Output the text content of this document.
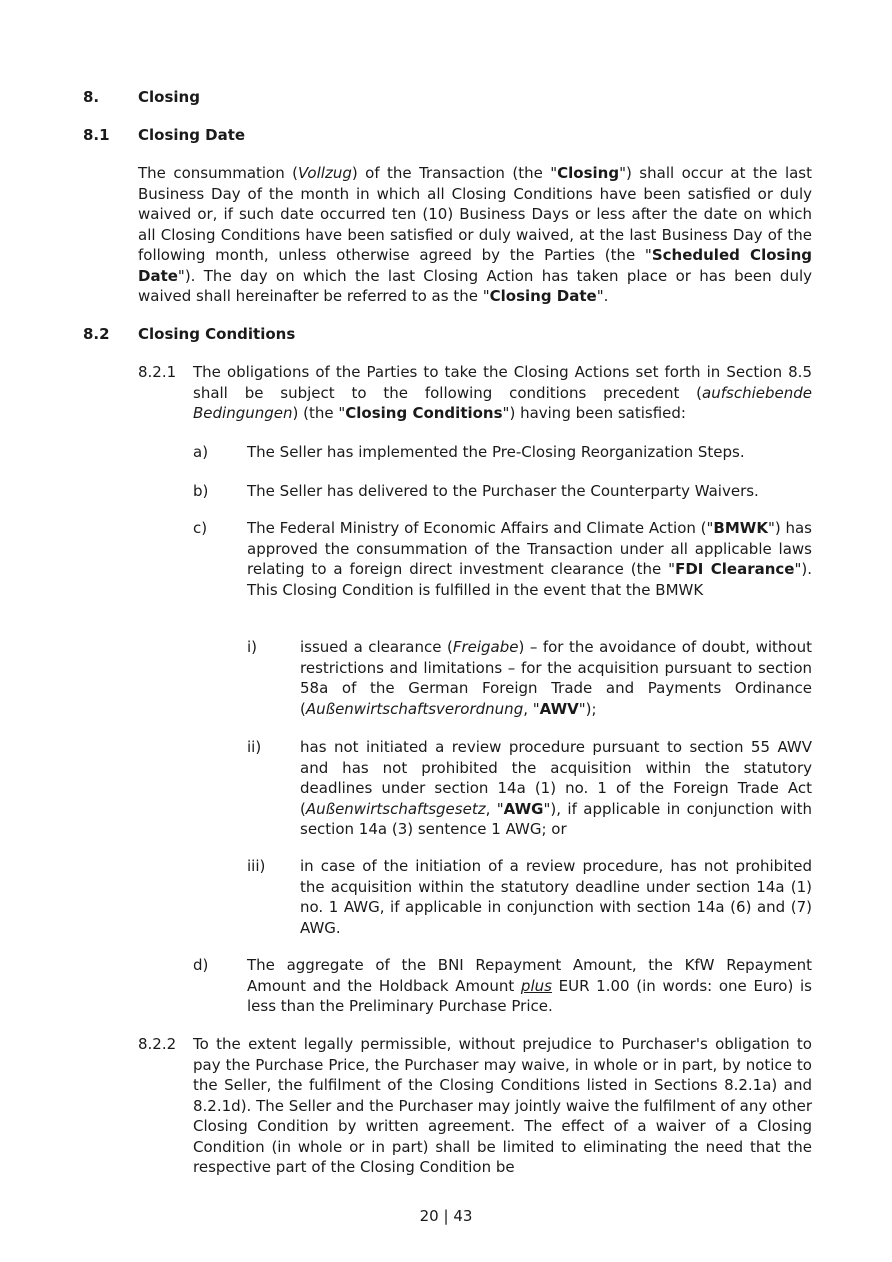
8.	Closing
8.1 Closing Date

The consummation (Vollzug) of the Transaction (the "Closing") shall occur at the last Business Day of the month in which all Closing Conditions have been satisfied or duly waived or, if such date occurred ten (10) Business Days or less after the date on which all Closing Conditions have been satisfied or duly waived, at the last Business Day of the following month, unless otherwise agreed by the Parties (the "Scheduled Closing Date"). The day on which the last Closing Action has taken place or has been duly waived shall hereinafter be referred to as the "Closing Date".

8.2 Closing Conditions
8.2.1 The obligations of the Parties to take the Closing Actions set forth in Section 8.5 shall be subject to the following conditions precedent (aufschiebende Bedingungen) (the "Closing Conditions") having been satisfied:

a)	The Seller has implemented the Pre-Closing Reorganization Steps.

b)	The Seller has delivered to the Purchaser the Counterparty Waivers.

c)	The Federal Ministry of Economic Affairs and Climate Action ("BMWK") has approved the consummation of the Transaction under all applicable laws relating to a foreign direct investment clearance (the "FDI Clearance"). This Closing Condition is fulfilled in the event that the BMWK

i)	issued a clearance (Freigabe) – for the avoidance of doubt, without restrictions and limitations – for the acquisition pursuant to section 58a of the German Foreign Trade and Payments Ordinance (Außenwirtschaftsverordnung, "AWV");

ii)	has not initiated a review procedure pursuant to section 55 AWV and has not prohibited the acquisition within the statutory deadlines under section 14a (1) no. 1 of the Foreign Trade Act (Außenwirtschaftsgesetz, "AWG"), if applicable in conjunction with section 14a (3) sentence 1 AWG; or

iii) in case of the initiation of a review procedure, has not prohibited the acquisition within the statutory deadline under section 14a (1) no. 1 AWG, if applicable in conjunction with section 14a (6) and (7) AWG.

d)	The aggregate of the BNI Repayment Amount, the KfW Repayment Amount and the Holdback Amount plus EUR 1.00 (in words: one Euro) is less than the Preliminary Purchase Price.

8.2.2 To the extent legally permissible, without prejudice to Purchaser's obligation to pay the Purchase Price, the Purchaser may waive, in whole or in part, by notice to the Seller, the fulfilment of the Closing Conditions listed in Sections 8.2.1a) and 8.2.1d). The Seller and the Purchaser may jointly waive the fulfilment of any other Closing Condition by written agreement. The effect of a waiver of a Closing Condition (in whole or in part) shall be limited to eliminating the need that the respective part of the Closing Condition be

20 | 43
